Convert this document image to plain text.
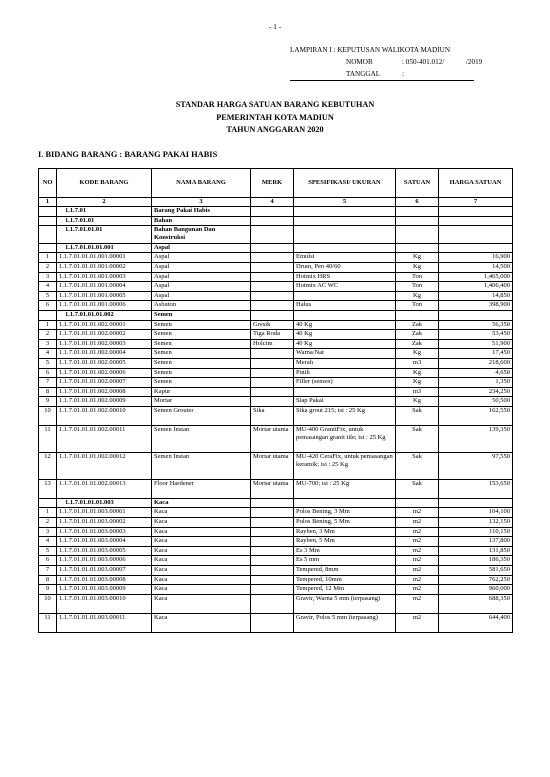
- 1 -
LAMPIRAN I : KEPUTUSAN WALIKOTA MADIUN
NOMOR	: 050-401.012/            /2019
TANGGAL	:
STANDAR HARGA SATUAN BARANG KEBUTUHAN
PEMERINTAH KOTA MADIUN
TAHUN ANGGARAN 2020
I. BIDANG BARANG : BARANG PAKAI HABIS
NO	KODE BARANG	NAMA BARANG	MERK	SPESIFIKASI/ UKURAN	SATUAN	HARGA SATUAN
1	2	3	4	5	6	7
	1.1.7.01	Barang Pakai Habis				
	1.1.7.01.01	Bahan				
	1.1.7.01.01.01	Bahan Bangunan Dan Konstruksi				
	1.1.7.01.01.01.001	Aspal				
1	1.1.7.01.01.01.001.00001	Aspal		Emulsi	Kg	16,900
2	1.1.7.01.01.01.001.00002	Aspal		Drum, Pen 40/60	Kg	14,500
3	1.1.7.01.01.01.001.00003	Aspal		Hotmix HRS	Ton	1,465,000
4	1.1.7.01.01.01.001.00004	Aspal		Hotmix AC WC	Ton	1,406,400
5	1.1.7.01.01.01.001.00005	Aspal			Kg	14,850
6	1.1.7.01.01.01.001.00006	Asbuton		Halus	Ton	398,900
	1.1.7.01.01.01.002	Semen				
1	1.1.7.01.01.01.002.00001	Semen	Gresik	40 Kg	Zak	56,350
2	1.1.7.01.01.01.002.00002	Semen	Tiga Roda	40 Kg	Zak	53,450
3	1.1.7.01.01.01.002.00003	Semen	Holcim	40 Kg	Zak	51,900
4	1.1.7.01.01.01.002.00004	Semen		Warna/Nat	Kg	17,450
5	1.1.7.01.01.01.002.00005	Semen		Merah	m3	218,600
6	1.1.7.01.01.01.002.00006	Semen		Putih	Kg	4,650
7	1.1.7.01.01.01.002.00007	Semen		Filler (semen)	Kg	1,350
8	1.1.7.01.01.01.002.00008	Kapur			m3	234,250
9	1.1.7.01.01.01.002.00009	Mortar		Siap Pakai	Kg	50,500
10	1.1.7.01.01.01.002.00010	Semen Grouter	Sika	Sika grout 215; isi : 25 Kg	Sak	162,550
11	1.1.7.01.01.01.002.00011	Semen Instan	Mortar utama	MU-400 GranitFix, untuk pemasangan granit tile; isi : 25 Kg	Sak	139,350
12	1.1.7.01.01.01.002.00012	Semen Instan	Mortar utama	MU-420 CeraFix, untuk pemasangan keramik; isi : 25 Kg	Sak	97,550
13	1.1.7.01.01.01.002.00013	Floor Hardener	Mortar utama	MU-700; isi : 25 Kg	Sak	153,650
	1.1.7.01.01.01.003	Kaca				
1	1.1.7.01.01.01.003.00001	Kaca		Polos Bening, 3 Mm	m2	104,100
2	1.1.7.01.01.01.003.00002	Kaca		Polos Bening, 5 Mm	m2	132,150
3	1.1.7.01.01.01.003.00003	Kaca		Rayben, 3 Mm	m2	110,150
4	1.1.7.01.01.01.003.00004	Kaca		Rayben, 5 Mm	m2	137,800
5	1.1.7.01.01.01.003.00005	Kaca		Es 3 Mm	m2	131,850
6	1.1.7.01.01.01.003.00006	Kaca		Es 5 mm	m2	186,350
7	1.1.7.01.01.01.003.00007	Kaca		Tempered, 8mm	m2	581,650
8	1.1.7.01.01.01.003.00008	Kaca		Tempered, 10mm	m2	762,250
9	1.1.7.01.01.01.003.00009	Kaca		Tempered, 12 Mm	m2	960,000
10	1.1.7.01.01.01.003.00010	Kaca		Gravir, Warna 5 mm (terpasang)	m2	688,350
11	1.1.7.01.01.01.003.00011	Kaca		Gravir, Polos 5 mm (terpasang)	m2	644,400
